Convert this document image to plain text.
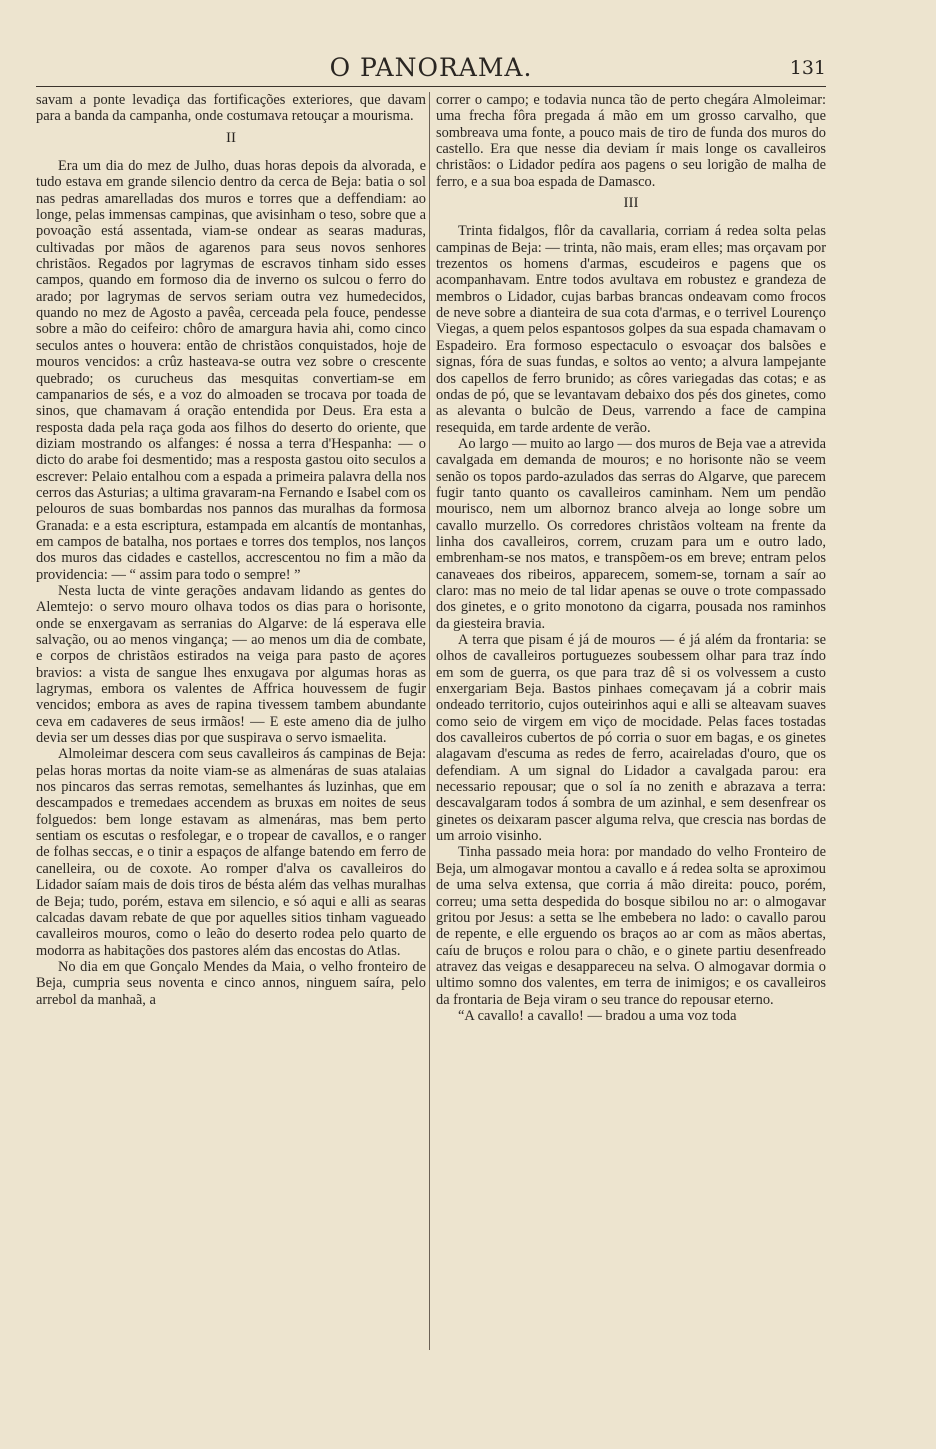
O PANORAMA.	131

savam a ponte levadiça das fortificações exteriores, que davam para a banda da campanha, onde costumava retouçar a mourisma.

II

Era um dia do mez de Julho, duas horas depois da alvorada, e tudo estava em grande silencio dentro da cerca de Beja: batia o sol nas pedras amarelladas dos muros e torres que a deffendiam: ao longe, pelas immensas campinas, que avisinham o teso, sobre que a povoação está assentada, viam-se ondear as searas maduras, cultivadas por mãos de agarenos para seus novos senhores christãos. Regados por lagrymas de escravos tinham sido esses campos, quando em formoso dia de inverno os sulcou o ferro do arado; por lagrymas de servos seriam outra vez humedecidos, quando no mez de Agosto a pavêa, cerceada pela fouce, pendesse sobre a mão do ceifeiro: chôro de amargura havia ahi, como cinco seculos antes o houvera: então de christãos conquistados, hoje de mouros vencidos: a crûz hasteava-se outra vez sobre o crescente quebrado; os curucheus das mesquitas convertiam-se em campanarios de sés, e a voz do almoaden se trocava por toada de sinos, que chamavam á oração entendida por Deus. Era esta a resposta dada pela raça goda aos filhos do deserto do oriente, que diziam mostrando os alfanges: é nossa a terra d'Hespanha: — o dicto do arabe foi desmentido; mas a resposta gastou oito seculos a escrever: Pelaio entalhou com a espada a primeira palavra della nos cerros das Asturias; a ultima gravaram-na Fernando e Isabel com os pelouros de suas bombardas nos pannos das muralhas da formosa Granada: e a esta escriptura, estampada em alcantís de montanhas, em campos de batalha, nos portaes e torres dos templos, nos lanços dos muros das cidades e castellos, accrescentou no fim a mão da providencia: — “ assim para todo o sempre! ”

Nesta lucta de vinte gerações andavam lidando as gentes do Alemtejo: o servo mouro olhava todos os dias para o horisonte, onde se enxergavam as serranias do Algarve: de lá esperava elle salvação, ou ao menos vingança; — ao menos um dia de combate, e corpos de christãos estirados na veiga para pasto de açores bravios: a vista de sangue lhes enxugava por algumas horas as lagrymas, embora os valentes de Affrica houvessem de fugir vencidos; embora as aves de rapina tivessem tambem abundante ceva em cadaveres de seus irmãos! — E este ameno dia de julho devia ser um desses dias por que suspirava o servo ismaelita.

Almoleimar descera com seus cavalleiros ás campinas de Beja: pelas horas mortas da noite viam-se as almenáras de suas atalaias nos pincaros das serras remotas, semelhantes ás luzinhas, que em descampados e tremedaes accendem as bruxas em noites de seus folguedos: bem longe estavam as almenáras, mas bem perto sentiam os escutas o resfolegar, e o tropear de cavallos, e o ranger de folhas seccas, e o tinir a espaços de alfange batendo em ferro de canelleira, ou de coxote. Ao romper d'alva os cavalleiros do Lidador saíam mais de dois tiros de bésta além das velhas muralhas de Beja; tudo, porém, estava em silencio, e só aqui e alli as searas calcadas davam rebate de que por aquelles sitios tinham vagueado cavalleiros mouros, como o leão do deserto rodea pelo quarto de modorra as habitações dos pastores além das encostas do Atlas.

No dia em que Gonçalo Mendes da Maia, o velho fronteiro de Beja, cumpria seus noventa e cinco annos, ninguem saíra, pelo arrebol da manhaã, a

correr o campo; e todavia nunca tão de perto chegára Almoleimar: uma frecha fôra pregada á mão em um grosso carvalho, que sombreava uma fonte, a pouco mais de tiro de funda dos muros do castello. Era que nesse dia deviam ír mais longe os cavalleiros christãos: o Lidador pedíra aos pagens o seu lorigão de malha de ferro, e a sua boa espada de Damasco.

III

Trinta fidalgos, flôr da cavallaria, corriam á redea solta pelas campinas de Beja: — trinta, não mais, eram elles; mas orçavam por trezentos os homens d'armas, escudeiros e pagens que os acompanhavam. Entre todos avultava em robustez e grandeza de membros o Lidador, cujas barbas brancas ondeavam como frocos de neve sobre a dianteira de sua cota d'armas, e o terrivel Lourenço Viegas, a quem pelos espantosos golpes da sua espada chamavam o Espadeiro. Era formoso espectaculo o esvoaçar dos balsões e signas, fóra de suas fundas, e soltos ao vento; a alvura lampejante dos capellos de ferro brunido; as côres variegadas das cotas; e as ondas de pó, que se levantavam debaixo dos pés dos ginetes, como as alevanta o bulcão de Deus, varrendo a face de campina resequida, em tarde ardente de verão.

Ao largo — muito ao largo — dos muros de Beja vae a atrevida cavalgada em demanda de mouros; e no horisonte não se veem senão os topos pardo-azulados das serras do Algarve, que parecem fugir tanto quanto os cavalleiros caminham. Nem um pendão mourisco, nem um albornoz branco alveja ao longe sobre um cavallo murzello. Os corredores christãos volteam na frente da linha dos cavalleiros, correm, cruzam para um e outro lado, embrenham-se nos matos, e transpõem-os em breve; entram pelos canaveaes dos ribeiros, apparecem, somem-se, tornam a saír ao claro: mas no meio de tal lidar apenas se ouve o trote compassado dos ginetes, e o grito monotono da cigarra, pousada nos raminhos da giesteira bravia.

A terra que pisam é já de mouros — é já além da frontaria: se olhos de cavalleiros portuguezes soubessem olhar para traz índo em som de guerra, os que para traz dê si os volvessem a custo enxergariam Beja. Bastos pinhaes começavam já a cobrir mais ondeado territorio, cujos outeirinhos aqui e alli se alteavam suaves como seio de virgem em viço de mocidade. Pelas faces tostadas dos cavalleiros cubertos de pó corria o suor em bagas, e os ginetes alagavam d'escuma as redes de ferro, acaireladas d'ouro, que os defendiam. A um signal do Lidador a cavalgada parou: era necessario repousar; que o sol ía no zenith e abrazava a terra: descavalgaram todos á sombra de um azinhal, e sem desenfrear os ginetes os deixaram pascer alguma relva, que crescia nas bordas de um arroio visinho.

Tinha passado meia hora: por mandado do velho Fronteiro de Beja, um almogavar montou a cavallo e á redea solta se aproximou de uma selva extensa, que corria á mão direita: pouco, porém, correu; uma setta despedida do bosque sibilou no ar: o almogavar gritou por Jesus: a setta se lhe embebera no lado: o cavallo parou de repente, e elle erguendo os braços ao ar com as mãos abertas, caíu de bruços e rolou para o chão, e o ginete partiu desenfreado atravez das veigas e desappareceu na selva. O almogavar dormia o ultimo somno dos valentes, em terra de inimigos; e os cavalleiros da frontaria de Beja viram o seu trance do repousar eterno.

“A cavallo! a cavallo! — bradou a uma voz toda
